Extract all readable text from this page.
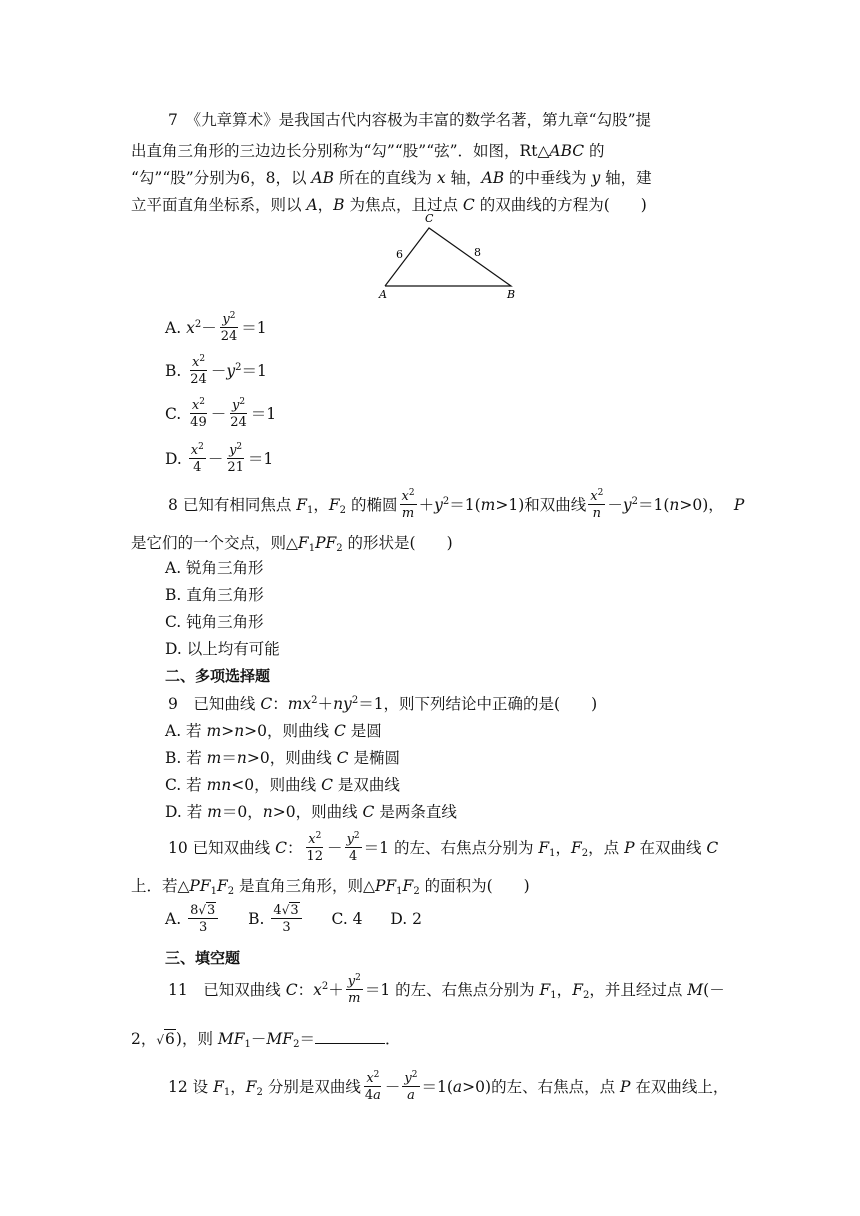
7　 《九章算术》是我国古代内容极为丰富的数学名著，第九章“勾股”提
出直角三角形的三边边长分别称为“勾”“股”“弦”．如图，Rt△ABC 的
“勾”“股”分别为6，8，以 AB 所在的直线为 x 轴，AB 的中垂线为 y 轴，建
立平面直角坐标系，则以 A，B 为焦点，且过点 C 的双曲线的方程为(　　)
C
A	B
6	8
A. $x^2- \frac{y^2}{24} =1$
B. $\frac{x^2}{24} -y^2=1$
C. $\frac{x^2}{49} - \frac{y^2}{24} =1$
D. $\frac{x^2}{4} - \frac{y^2}{21} =1$
8 已知有相同焦点 $F_1$，$F_2$ 的椭圆 $\frac{x^2}{m} +y^2=1(m>1)$和双曲线 $\frac{x^2}{n} -y^2=1(n>0)$， P
是它们的一个交点，则$\triangle F_1PF_2$ 的形状是(　　)
A. 锐角三角形
B. 直角三角形
C. 钝角三角形
D. 以上均有可能
二、多项选择题
9　 已知曲线 C：$mx^2+ny^2=1$，则下列结论中正确的是(　　)
A. 若 m>n>0，则曲线 C 是圆
B. 若 m＝n>0，则曲线 C 是椭圆
C. 若 mn<0，则曲线 C 是双曲线
D. 若 m＝0，n>0，则曲线 C 是两条直线
10 已知双曲线 C： $\frac{x^2}{12} - \frac{y^2}{4} =1$ 的左、右焦点分别为 $F_1$，$F_2$，点 P 在双曲线 C
上．若$\triangle PF_1F_2$ 是直角三角形，则$\triangle PF_1F_2$ 的面积为(　　)
A. $\frac{8√3}{3} B$. $\frac{4√3}{3} C$. 4 D. 2
三、填空题
11　 已知双曲线 C：$x^2+ \frac{y^2}{m} =1$ 的左、右焦点分别为 $F_1$，$F_2$，并且经过点 M(－
2，√6)，则 $MF_1-MF_2=$	．
12 设 $F_1$，$F_2$ 分别是双曲线 $\frac{x^2}{4a} - \frac{y^2}{a} =1(a>0)$的左、右焦点，点 P 在双曲线上，
